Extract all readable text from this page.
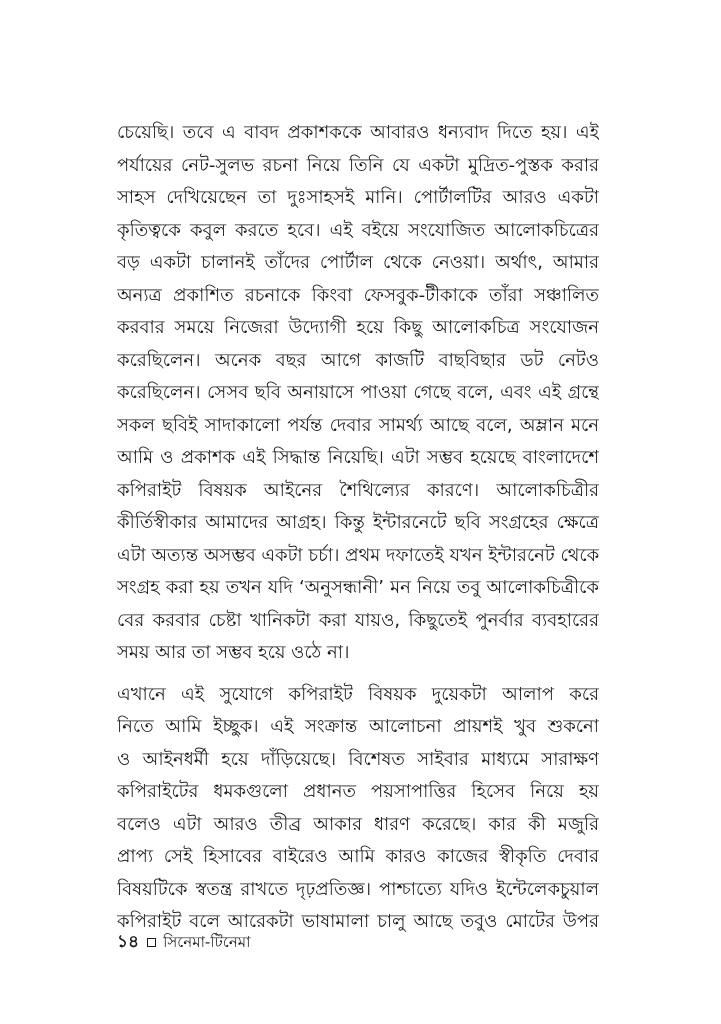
চেয়েছি। তবে এ বাবদ প্রকাশককে আবারও ধন্যবাদ দিতে হয়। এই
পর্যায়ের নেট-সুলভ রচনা নিয়ে তিনি যে একটা মুদ্রিত-পুস্তক করার
সাহস দেখিয়েছেন তা দুঃসাহসই মানি। পোর্টালটির আরও একটা
কৃতিত্বকে কবুল করতে হবে। এই বইয়ে সংযোজিত আলোকচিত্রের
বড় একটা চালানই তাঁদের পোর্টাল থেকে নেওয়া। অর্থাৎ, আমার
অন্যত্র প্রকাশিত রচনাকে কিংবা ফেসবুক-টীকাকে তাঁরা সঞ্চালিত
করবার সময়ে নিজেরা উদ্যোগী হয়ে কিছু আলোকচিত্র সংযোজন
করেছিলেন। অনেক বছর আগে কাজটি বাছবিছার ডট নেটও
করেছিলেন। সেসব ছবি অনায়াসে পাওয়া গেছে বলে, এবং এই গ্রন্থে
সকল ছবিই সাদাকালো পর্যন্ত দেবার সামর্থ্য আছে বলে, অম্লান মনে
আমি ও প্রকাশক এই সিদ্ধান্ত নিয়েছি। এটা সম্ভব হয়েছে বাংলাদেশে
কপিরাইট বিষয়ক আইনের শৈথিল্যের কারণে। আলোকচিত্রীর
কীর্তিস্বীকার আমাদের আগ্রহ। কিন্তু ইন্টারনেটে ছবি সংগ্রহের ক্ষেত্রে
এটা অত্যন্ত অসম্ভব একটা চর্চা। প্রথম দফাতেই যখন ইন্টারনেট থেকে
সংগ্রহ করা হয় তখন যদি ‘অনুসন্ধানী’ মন নিয়ে তবু আলোকচিত্রীকে
বের করবার চেষ্টা খানিকটা করা যায়ও, কিছুতেই পুনর্বার ব্যবহারের
সময় আর তা সম্ভব হয়ে ওঠে না।
এখানে এই সুযোগে কপিরাইট বিষয়ক দুয়েকটা আলাপ করে
নিতে আমি ইচ্ছুক। এই সংক্রান্ত আলোচনা প্রায়শই খুব শুকনো
ও আইনধর্মী হয়ে দাঁড়িয়েছে। বিশেষত সাইবার মাধ্যমে সারাক্ষণ
কপিরাইটের ধমকগুলো প্রধানত পয়সাপাত্তির হিসেব নিয়ে হয়
বলেও এটা আরও তীব্র আকার ধারণ করেছে। কার কী মজুরি
প্রাপ্য সেই হিসাবের বাইরেও আমি কারও কাজের স্বীকৃতি দেবার
বিষয়টিকে স্বতন্ত্র রাখতে দৃঢ়প্রতিজ্ঞ। পাশ্চাত্যে যদিও ইন্টেলেকচুয়াল
কপিরাইট বলে আরেকটা ভাষামালা চালু আছে তবুও মোটের উপর
১৪ সিনেমা-টিনেমা
